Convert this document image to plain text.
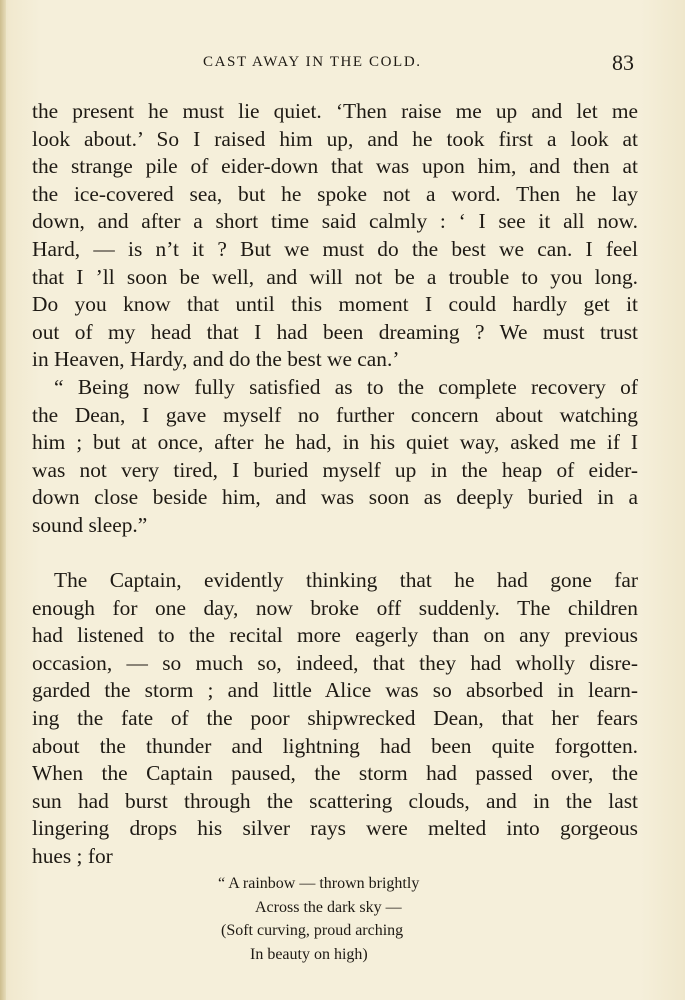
CAST AWAY IN THE COLD.	83
the present he must lie quiet. ‘Then raise me up and let me
look about.’ So I raised him up, and he took first a look at
the strange pile of eider-down that was upon him, and then at
the ice-covered sea, but he spoke not a word. Then he lay
down, and after a short time said calmly : ‘ I see it all now.
Hard, — is n’t it ? But we must do the best we can. I feel
that I ’ll soon be well, and will not be a trouble to you long.
Do you know that until this moment I could hardly get it
out of my head that I had been dreaming ? We must trust
in Heaven, Hardy, and do the best we can.’
“ Being now fully satisfied as to the complete recovery of
the Dean, I gave myself no further concern about watching
him ; but at once, after he had, in his quiet way, asked me if I
was not very tired, I buried myself up in the heap of eider-
down close beside him, and was soon as deeply buried in a
sound sleep.”
The Captain, evidently thinking that he had gone far
enough for one day, now broke off suddenly. The children
had listened to the recital more eagerly than on any previous
occasion, — so much so, indeed, that they had wholly disre-
garded the storm ; and little Alice was so absorbed in learn-
ing the fate of the poor shipwrecked Dean, that her fears
about the thunder and lightning had been quite forgotten.
When the Captain paused, the storm had passed over, the
sun had burst through the scattering clouds, and in the last
lingering drops his silver rays were melted into gorgeous
hues ; for
“ A rainbow — thrown brightly
Across the dark sky —
(Soft curving, proud arching
In beauty on high)
